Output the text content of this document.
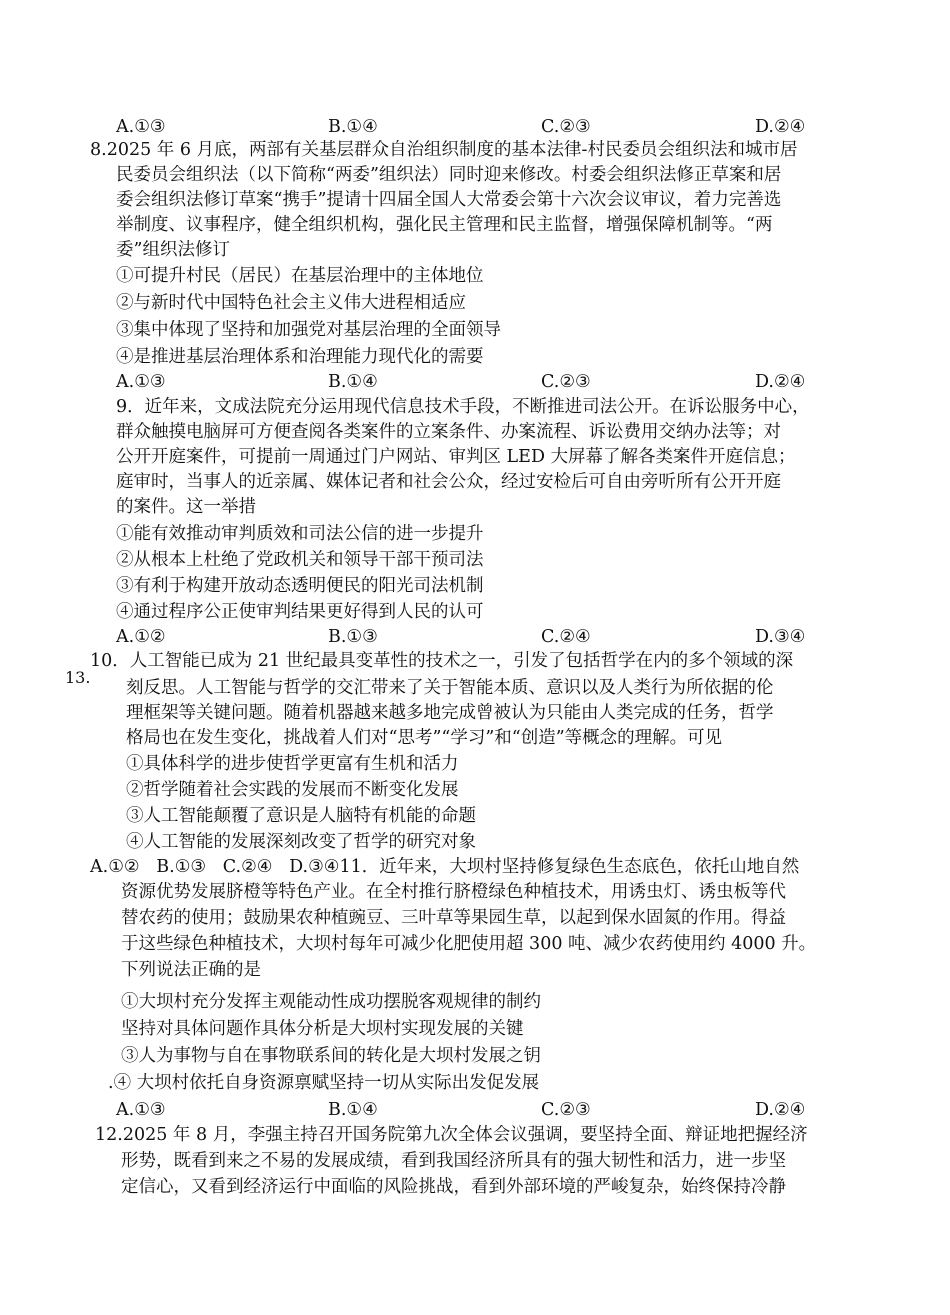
A.①③	B.①④	C.②③	D.②④
8.2025 年 6 月底，两部有关基层群众自治组织制度的基本法律-村民委员会组织法和城市居
民委员会组织法（以下简称“两委”组织法）同时迎来修改。村委会组织法修正草案和居
委会组织法修订草案“携手”提请十四届全国人大常委会第十六次会议审议，着力完善选
举制度、议事程序，健全组织机构，强化民主管理和民主监督，增强保障机制等。“两
委”组织法修订
①可提升村民（居民）在基层治理中的主体地位
②与新时代中国特色社会主义伟大进程相适应
③集中体现了坚持和加强党对基层治理的全面领导
④是推进基层治理体系和治理能力现代化的需要
A.①③	B.①④	C.②③	D.②④
9．近年来，文成法院充分运用现代信息技术手段，不断推进司法公开。在诉讼服务中心，
群众触摸电脑屏可方便查阅各类案件的立案条件、办案流程、诉讼费用交纳办法等；对
公开开庭案件，可提前一周通过门户网站、审判区 LED 大屏幕了解各类案件开庭信息；
庭审时，当事人的近亲属、媒体记者和社会公众，经过安检后可自由旁听所有公开开庭
的案件。这一举措
①能有效推动审判质效和司法公信的进一步提升
②从根本上杜绝了党政机关和领导干部干预司法
③有利于构建开放动态透明便民的阳光司法机制
④通过程序公正使审判结果更好得到人民的认可
A.①②	B.①③	C.②④	D.③④
10．人工智能已成为 21 世纪最具变革性的技术之一，引发了包括哲学在内的多个领域的深
13.
刻反思。人工智能与哲学的交汇带来了关于智能本质、意识以及人类行为所依据的伦
理框架等关键问题。随着机器越来越多地完成曾被认为只能由人类完成的任务，哲学
格局也在发生变化，挑战着人们对“思考”“学习”和“创造”等概念的理解。可见
①具体科学的进步使哲学更富有生机和活力
②哲学随着社会实践的发展而不断变化发展
③人工智能颠覆了意识是人脑特有机能的命题
④人工智能的发展深刻改变了哲学的研究对象
A.①②   B.①③   C.②④   D.③④11．近年来，大坝村坚持修复绿色生态底色，依托山地自然
资源优势发展脐橙等特色产业。在全村推行脐橙绿色种植技术，用诱虫灯、诱虫板等代
替农药的使用；鼓励果农种植豌豆、三叶草等果园生草，以起到保水固氮的作用。得益
于这些绿色种植技术，大坝村每年可减少化肥使用超 300 吨、减少农药使用约 4000 升。
下列说法正确的是
①大坝村充分发挥主观能动性成功摆脱客观规律的制约
坚持对具体问题作具体分析是大坝村实现发展的关键
③人为事物与自在事物联系间的转化是大坝村发展之钥
.④ 大坝村依托自身资源禀赋坚持一切从实际出发促发展
A.①③	B.①④	C.②③	D.②④
12.2025 年 8 月，李强主持召开国务院第九次全体会议强调，要坚持全面、辩证地把握经济
形势，既看到来之不易的发展成绩，看到我国经济所具有的强大韧性和活力，进一步坚
定信心，又看到经济运行中面临的风险挑战，看到外部环境的严峻复杂，始终保持冷静
